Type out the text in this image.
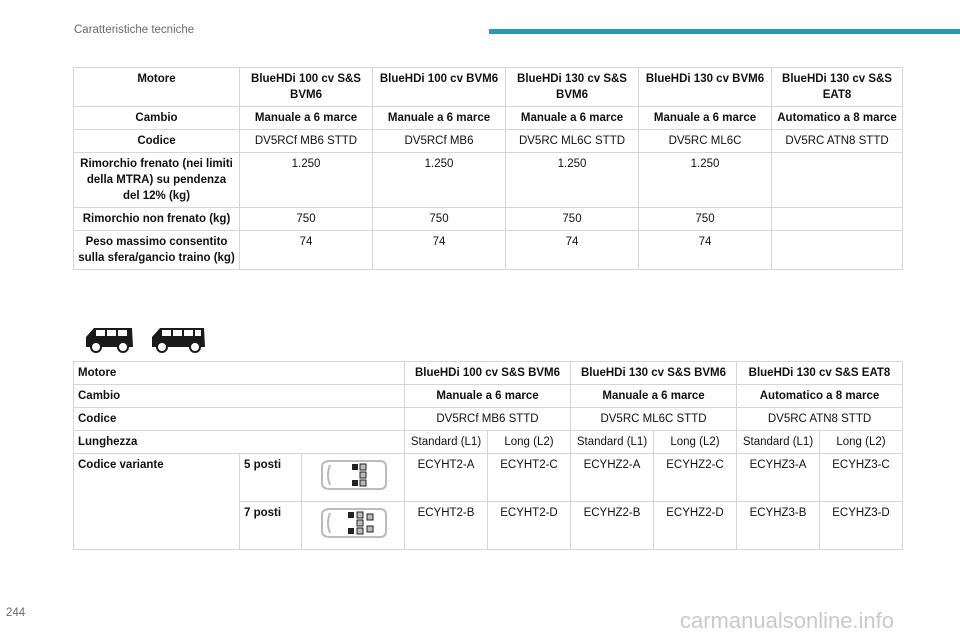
Caratteristiche tecniche
Motore	BlueHDi 100 cv S&S BVM6	BlueHDi 100 cv BVM6	BlueHDi 130 cv S&S BVM6	BlueHDi 130 cv BVM6	BlueHDi 130 cv S&S EAT8
Cambio	Manuale a 6 marce	Manuale a 6 marce	Manuale a 6 marce	Manuale a 6 marce	Automatico a 8 marce
Codice	DV5RCf MB6 STTD	DV5RCf MB6	DV5RC ML6C STTD	DV5RC ML6C	DV5RC ATN8 STTD
Rimorchio frenato (nei limiti della MTRA) su pendenza del 12% (kg)	1.250	1.250	1.250	1.250	
Rimorchio non frenato (kg)	750	750	750	750	
Peso massimo consentito sulla sfera/gancio traino (kg)	74	74	74	74	

Motore			BlueHDi 100 cv S&S BVM6		BlueHDi 130 cv S&S BVM6		BlueHDi 130 cv S&S EAT8	
Cambio			Manuale a 6 marce		Manuale a 6 marce		Automatico a 8 marce	
Codice			DV5RCf MB6 STTD		DV5RC ML6C STTD		DV5RC ATN8 STTD	
Lunghezza			Standard (L1)	Long (L2)	Standard (L1)	Long (L2)	Standard (L1)	Long (L2)
Codice variante	5 posti		ECYHT2-A	ECYHT2-C	ECYHZ2-A	ECYHZ2-C	ECYHZ3-A	ECYHZ3-C
	7 posti		ECYHT2-B	ECYHT2-D	ECYHZ2-B	ECYHZ2-D	ECYHZ3-B	ECYHZ3-D
244	carmanualsonline.info
